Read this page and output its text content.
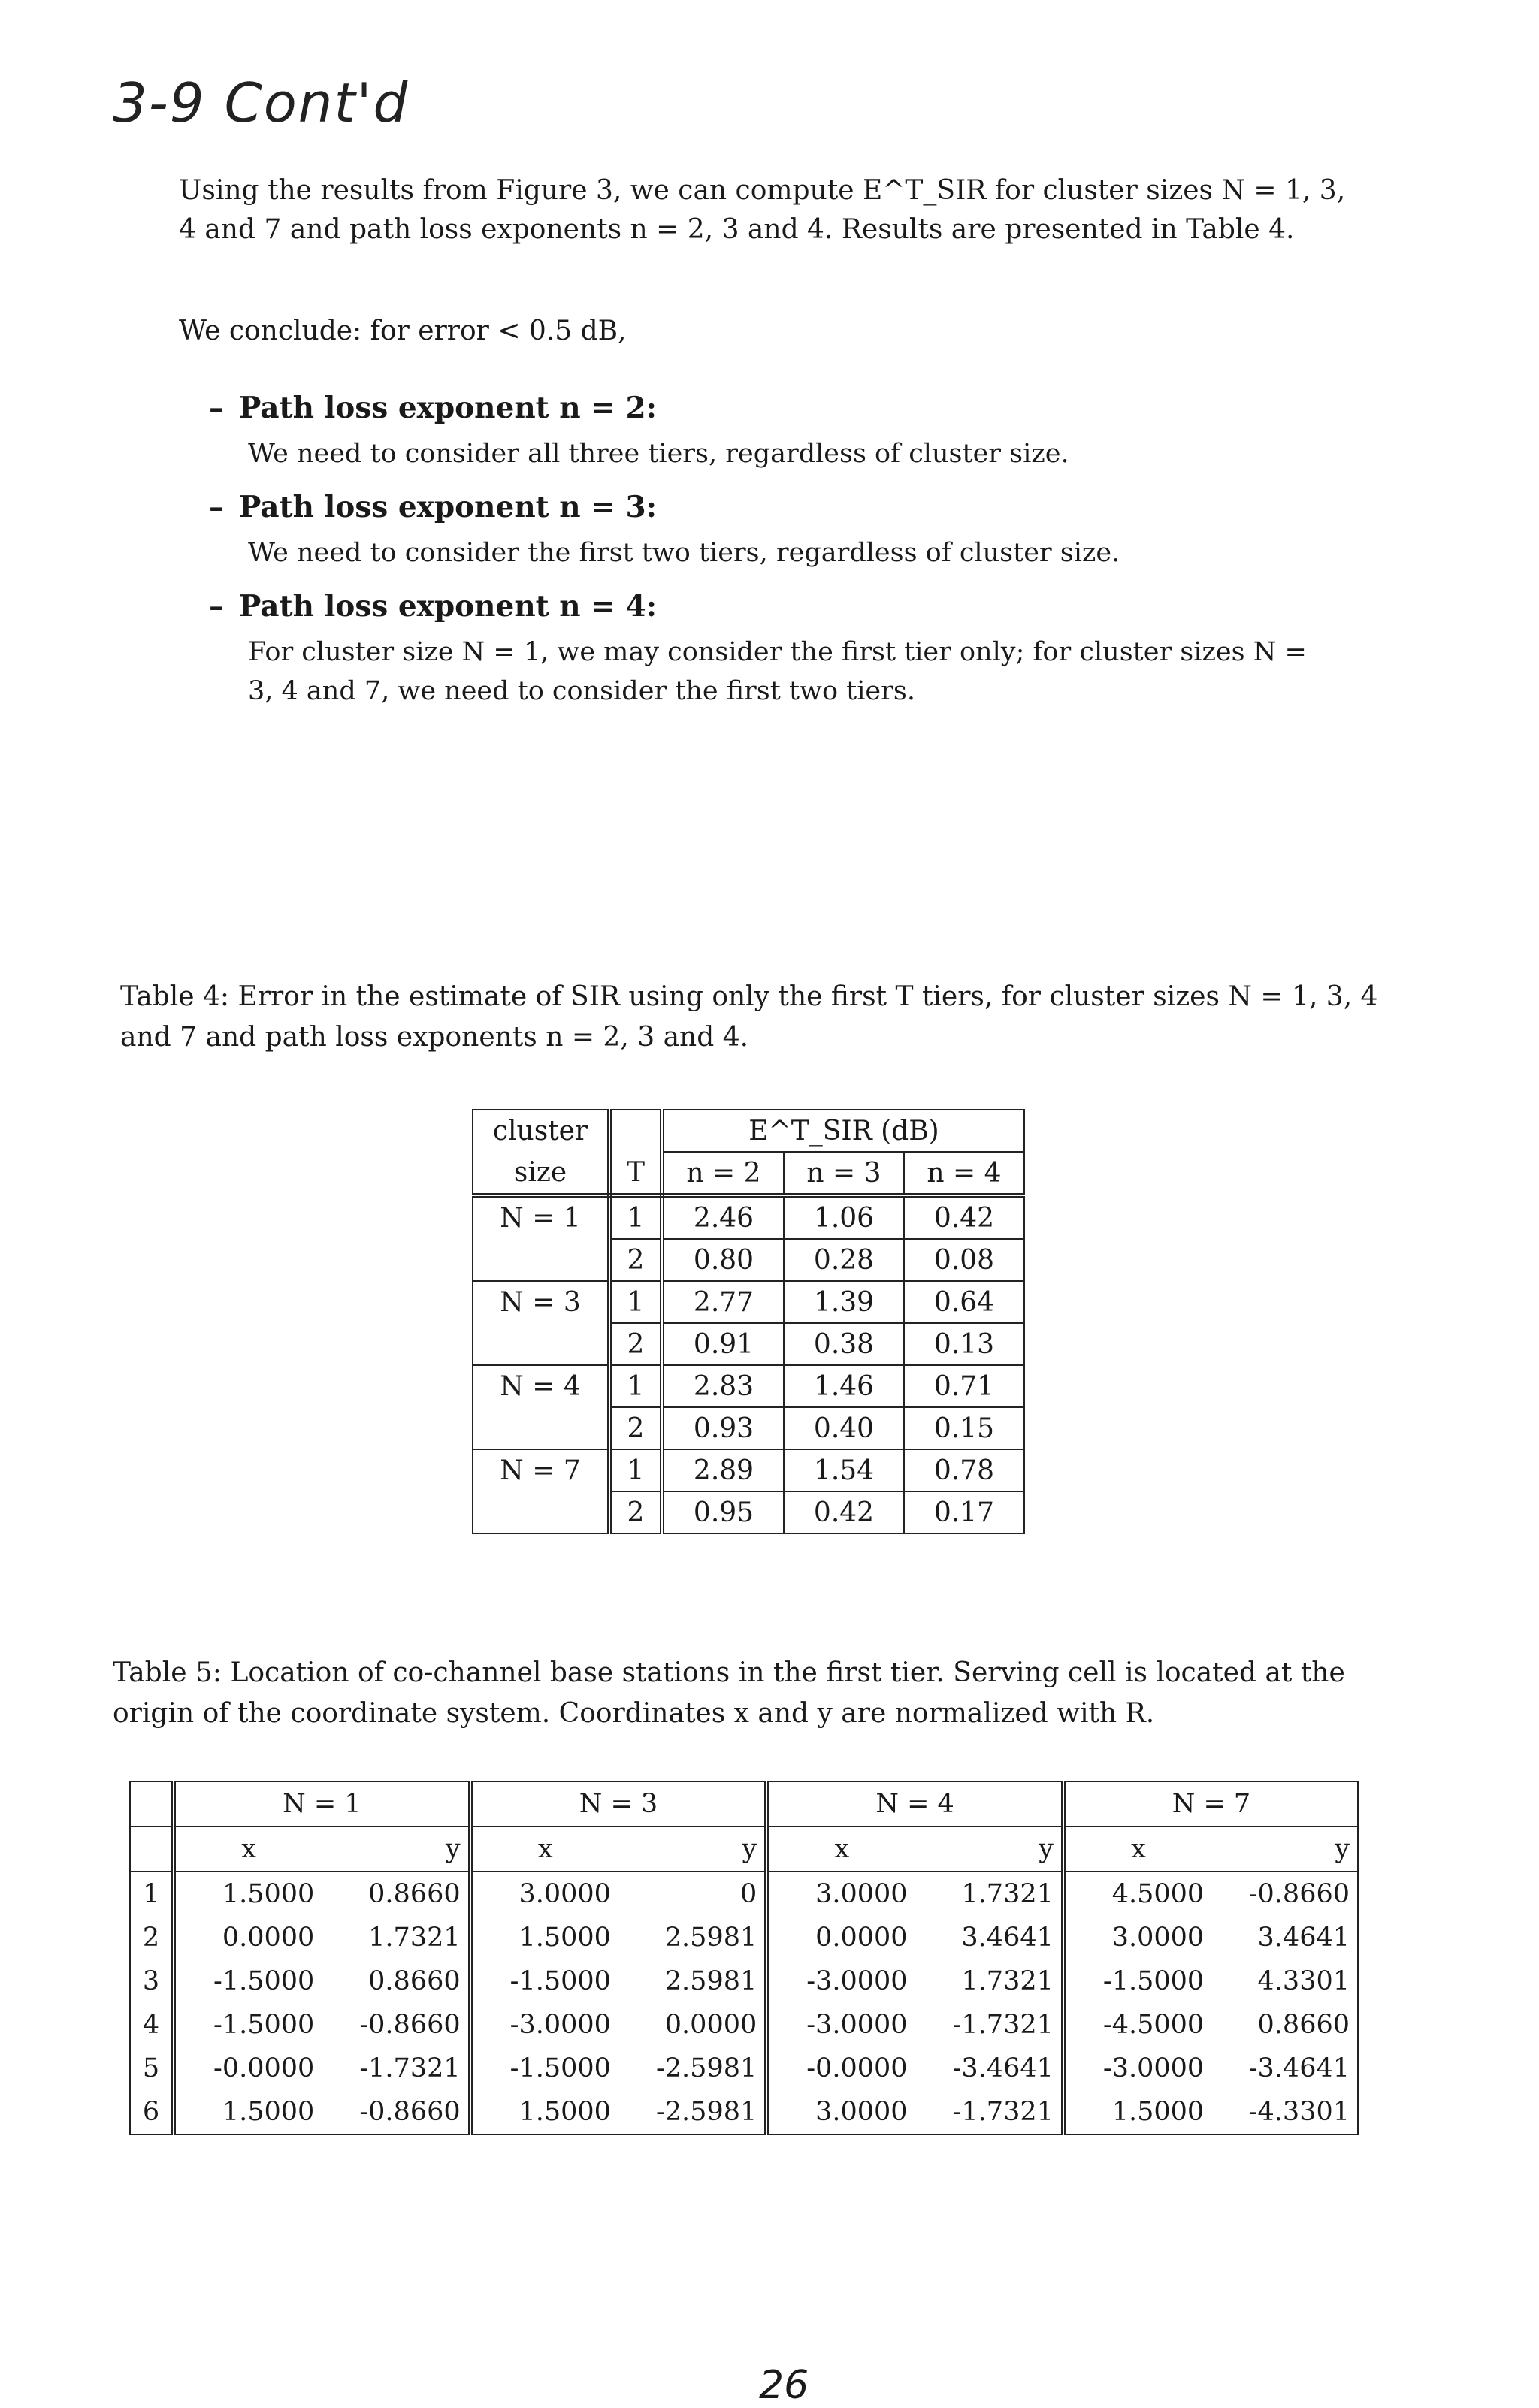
3-9 Cont'd
Using the results from Figure 3, we can compute E^T_SIR for cluster sizes N = 1, 3, 4 and 7 and path loss exponents n = 2, 3 and 4. Results are presented in Table 4.
We conclude: for error < 0.5 dB,
– Path loss exponent n = 2:
We need to consider all three tiers, regardless of cluster size.
– Path loss exponent n = 3:
We need to consider the first two tiers, regardless of cluster size.
– Path loss exponent n = 4:
For cluster size N = 1, we may consider the first tier only; for cluster sizes N = 3, 4 and 7, we need to consider the first two tiers.
Table 4: Error in the estimate of SIR using only the first T tiers, for cluster sizes N = 1, 3, 4 and 7 and path loss exponents n = 2, 3 and 4.
cluster		E^T_SIR (dB)		
size	T	n = 2	n = 3	n = 4
N = 1	1	2.46	1.06	0.42
	2	0.80	0.28	0.08
N = 3	1	2.77	1.39	0.64
	2	0.91	0.38	0.13
N = 4	1	2.83	1.46	0.71
	2	0.93	0.40	0.15
N = 7	1	2.89	1.54	0.78
	2	0.95	0.42	0.17
Table 5: Location of co-channel base stations in the first tier. Serving cell is located at the origin of the coordinate system. Coordinates x and y are normalized with R.
	N = 1		N = 3		N = 4		N = 7	
	x	y	x	y	x	y	x	y
1	1.5000	0.8660	3.0000	0	3.0000	1.7321	4.5000	-0.8660
2	0.0000	1.7321	1.5000	2.5981	0.0000	3.4641	3.0000	3.4641
3	-1.5000	0.8660	-1.5000	2.5981	-3.0000	1.7321	-1.5000	4.3301
4	-1.5000	-0.8660	-3.0000	0.0000	-3.0000	-1.7321	-4.5000	0.8660
5	-0.0000	-1.7321	-1.5000	-2.5981	-0.0000	-3.4641	-3.0000	-3.4641
6	1.5000	-0.8660	1.5000	-2.5981	3.0000	-1.7321	1.5000	-4.3301
26
